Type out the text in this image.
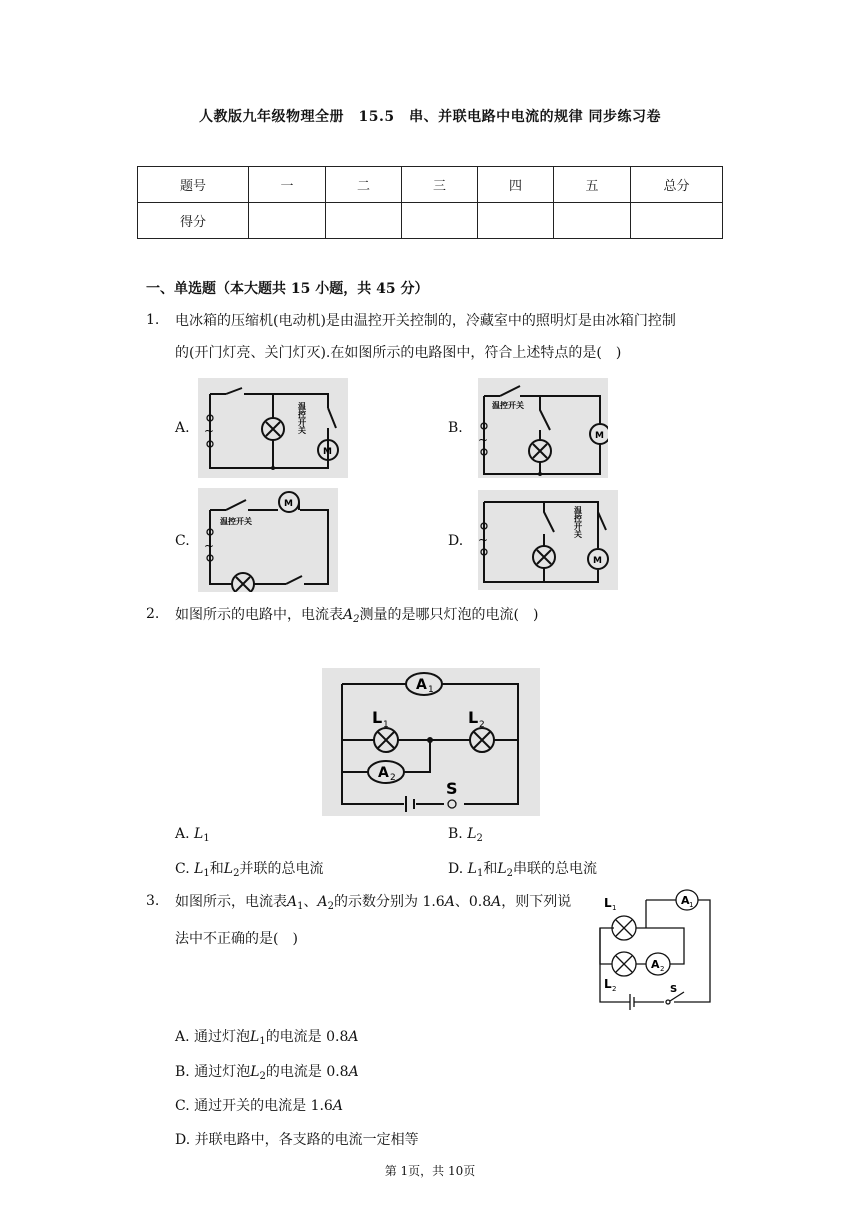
人教版九年级物理全册　15.5　串、并联电路中电流的规律 同步练习卷
题号	一	二	三	四	五	总分
得分						
一、单选题（本大题共 15 小题，共 45 分）
1. 电冰箱的压缩机(电动机)是由温控开关控制的，冷藏室中的照明灯是由冰箱门控制
的(开门灯亮、关门灯灭).在如图所示的电路图中，符合上述特点的是(　)
A.	B.
C.	D.
M
~	温控开关
M
~
温控开关
M
~
温控开关
M
~
温控开关
2. 如图所示的电路中，电流表$A_2$测量的是哪只灯泡的电流(　)
A 1
L 1	L 2
A 2
S
A. $L_1$	B. $L_2$
C. $L_1$和$L_2$并联的总电流	D. $L_1$和$L_2$串联的总电流
3. 如图所示，电流表$A_1$、$A_2$的示数分别为 1.6A、0.8A，则下列说
法中不正确的是(　)
A 1
A 2
L 1
L 2	S
A. 通过灯泡$L_1$的电流是 0.8A
B. 通过灯泡$L_2$的电流是 0.8A
C. 通过开关的电流是 1.6A
D. 并联电路中，各支路的电流一定相等
第 1页，共 10页
